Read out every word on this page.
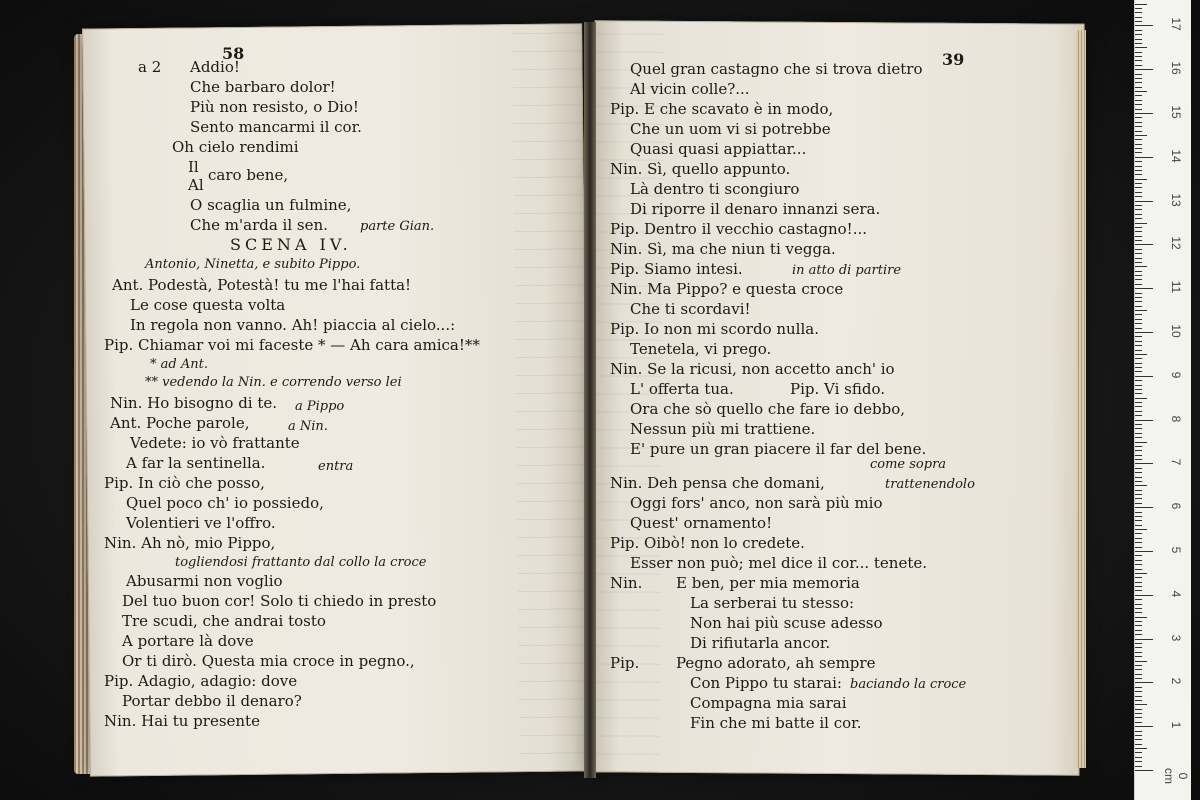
58	39
a 2 Addio!
Che barbaro dolor!
Più non resisto, o Dio!
Sento mancarmi il cor.
Oh cielo rendimi
Il caro bene,
Al
O scaglia un fulmine,
Che m'arda il sen. parte Gian.
SCENA IV.
Antonio, Ninetta, e subito Pippo.
Ant. Podestà, Potestà! tu me l'hai fatta!
Le cose questa volta
In regola non vanno. Ah! piaccia al cielo...:
Pip. Chiamar voi mi faceste * — Ah cara amica!**
* ad Ant.
** vedendo la Nin. e correndo verso lei
Nin. Ho bisogno di te. a Pippo
Ant. Poche parole,	a Nin.
Vedete: io vò frattante
A far la sentinella.	entra
Pip. In ciò che posso,
Quel poco ch' io possiedo,
Volentieri ve l'offro.
Nin. Ah nò, mio Pippo,
togliendosi frattanto dal collo la croce
Abusarmi non voglio
Del tuo buon cor! Solo ti chiedo in presto
Tre scudi, che andrai tosto
A portare là dove
Or ti dirò. Questa mia croce in pegno.,
Pip. Adagio, adagio: dove
Portar debbo il denaro?
Nin. Hai tu presente
Quel gran castagno che si trova dietro
Al vicin colle?...
Pip. E che scavato è in modo,
Che un uom vi si potrebbe
Quasi quasi appiattar...
Nin. Sì, quello appunto.
Là dentro ti scongiuro
Di riporre il denaro innanzi sera.
Pip. Dentro il vecchio castagno!...
Nin. Sì, ma che niun ti vegga.
Pip. Siamo intesi.	in atto di partire
Nin. Ma Pippo? e questa croce
Che ti scordavi!
Pip. Io non mi scordo nulla.
Tenetela, vi prego.
Nin. Se la ricusi, non accetto anch' io
L' offerta tua.	Pip. Vi sfido.
Ora che sò quello che fare io debbo,
Nessun più mi trattiene.
E' pure un gran piacere il far del bene.
come sopra
Nin. Deh pensa che domani,	trattenendolo
Oggi fors' anco, non sarà più mio
Quest' ornamento!
Pip. Oibò! non lo credete.
Esser non può; mel dice il cor... tenete.
Nin. E ben, per mia memoria
La serberai tu stesso:
Non hai più scuse adesso
Di rifiutarla ancor.
Pip. Pegno adorato, ah sempre
Con Pippo tu starai: baciando la croce
Compagna mia sarai
Fin che mi batte il cor.
17
16
15
14
13
12
11
10
9
8
7
6
5
4
3
2
1
0 cm
